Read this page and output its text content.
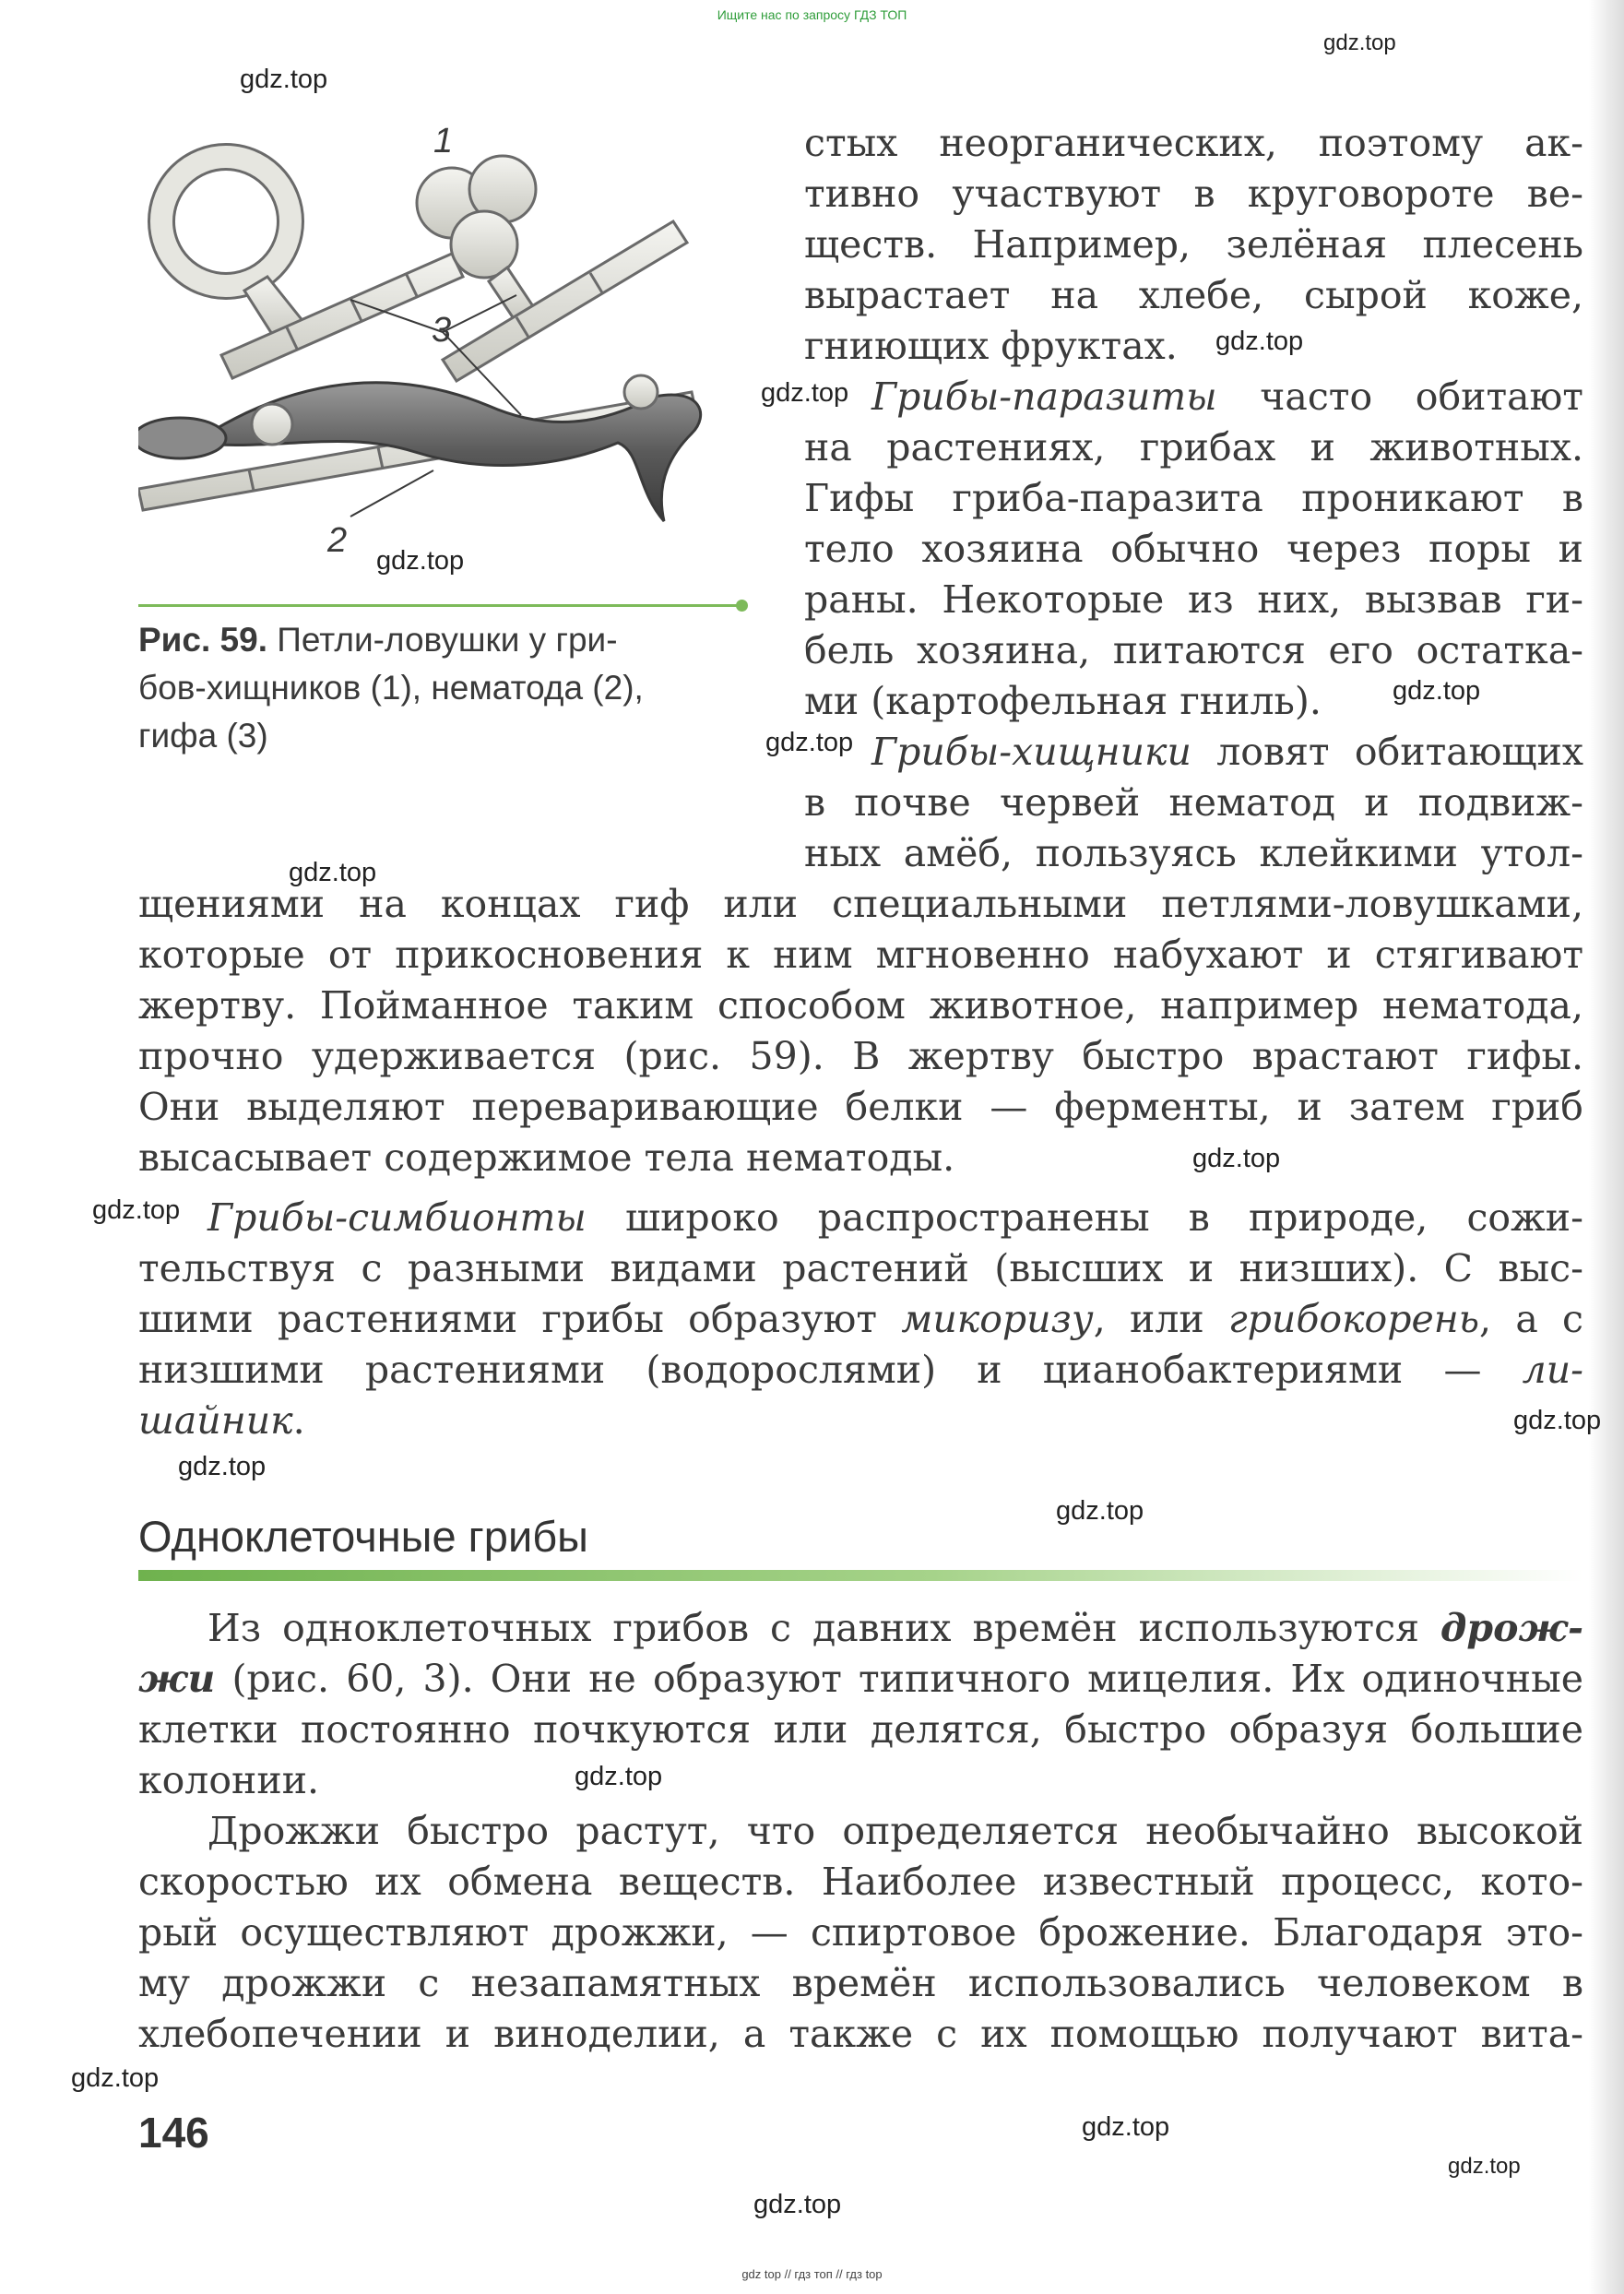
Ищите нас по запросу ГДЗ ТОП
1
3
2
Рис. 59. Петли-ловушки у гри-
бов-хищников (1), нематода (2),
гифа (3)
стых неорганических, поэтому ак-
тивно участвуют в круговороте ве-
ществ. Например, зелёная плесень
вырастает на хлебе, сырой коже,
гниющих фруктах.
Грибы-паразиты часто обитают
на растениях, грибах и животных.
Гифы гриба-паразита проникают в
тело хозяина обычно через поры и
раны. Некоторые из них, вызвав ги-
бель хозяина, питаются его остатка-
ми (картофельная гниль).
Грибы-хищники ловят обитающих
в почве червей нематод и подвиж-
ных амёб, пользуясь клейкими утол-
щениями на концах гиф или специальными петлями-ловушками,
которые от прикосновения к ним мгновенно набухают и стягивают
жертву. Пойманное таким способом животное, например нематода,
прочно удерживается (рис. 59). В жертву быстро врастают гифы.
Они выделяют переваривающие белки — ферменты, и затем гриб
высасывает содержимое тела нематоды.
Грибы-симбионты широко распространены в природе, сожи-
тельствуя с разными видами растений (высших и низших). С выс-
шими растениями грибы образуют микоризу, или грибокорень, а с
низшими растениями (водорослями) и цианобактериями — ли-
шайник.
Одноклеточные грибы
Из одноклеточных грибов с давних времён используются дрож-
жи (рис. 60, 3). Они не образуют типичного мицелия. Их одиночные
клетки постоянно почкуются или делятся, быстро образуя большие
колонии.
Дрожжи быстро растут, что определяется необычайно высокой
скоростью их обмена веществ. Наиболее известный процесс, кото-
рый осуществляют дрожжи, — спиртовое брожение. Благодаря это-
му дрожжи с незапамятных времён использовались человеком в
хлебопечении и виноделии, а также с их помощью получают вита-
146
gdz.top
gdz.top
gdz.top
gdz.top
gdz.top
gdz.top
gdz.top
gdz.top
gdz.top
gdz.top
gdz.top
gdz.top
gdz.top
gdz.top
gdz.top
gdz.top
gdz.top
gdz.top
gdz top // гдз топ // гдз top
